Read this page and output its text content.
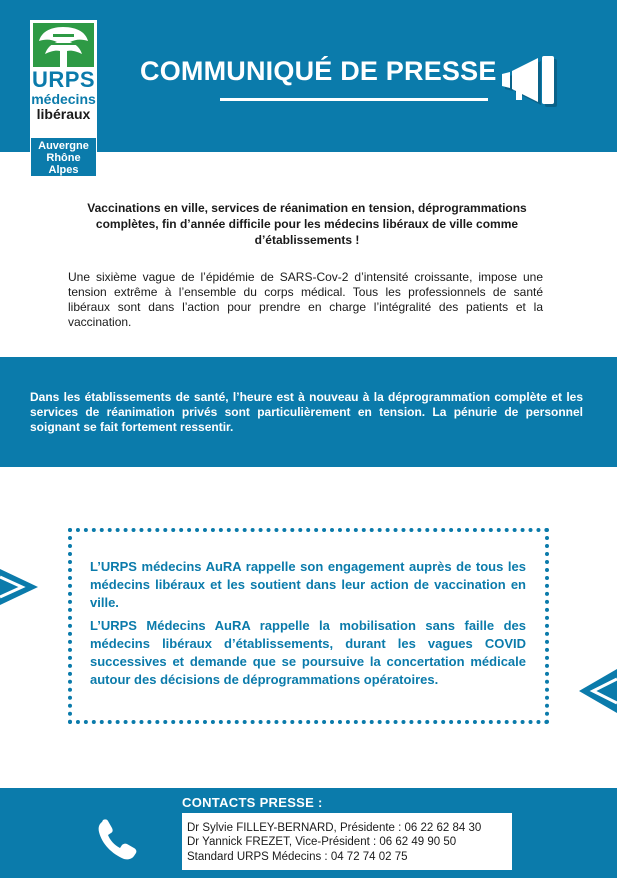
URPS
médecins
libéraux
Auvergne
Rhône
Alpes
COMMUNIQUÉ DE PRESSE
Vaccinations en ville, services de réanimation en tension, déprogrammations complètes, fin d’année difficile pour les médecins libéraux de ville comme d’établissements !
Une sixième vague de l’épidémie de SARS-Cov-2 d’intensité croissante, impose une tension extrême à l’ensemble du corps médical. Tous les professionnels de santé libéraux sont dans l’action pour prendre en charge l’intégralité des patients et la vaccination.
Dans les établissements de santé, l’heure est à nouveau à la déprogrammation complète et les services de réanimation privés sont particulièrement en tension. La pénurie de personnel soignant se fait fortement ressentir.
L’URPS médecins AuRA rappelle son engagement auprès de tous les médecins libéraux et les soutient dans leur action de vaccination en ville.
L’URPS Médecins AuRA rappelle la mobilisation sans faille des médecins libéraux d’établissements, durant les vagues COVID successives et demande que se poursuive la concertation médicale autour des décisions de déprogrammations opératoires.
CONTACTS PRESSE :
Dr Sylvie FILLEY-BERNARD, Présidente : 06 22 62 84 30
Dr Yannick FREZET, Vice-Président : 06 62 49 90 50
Standard URPS Médecins : 04 72 74 02 75
